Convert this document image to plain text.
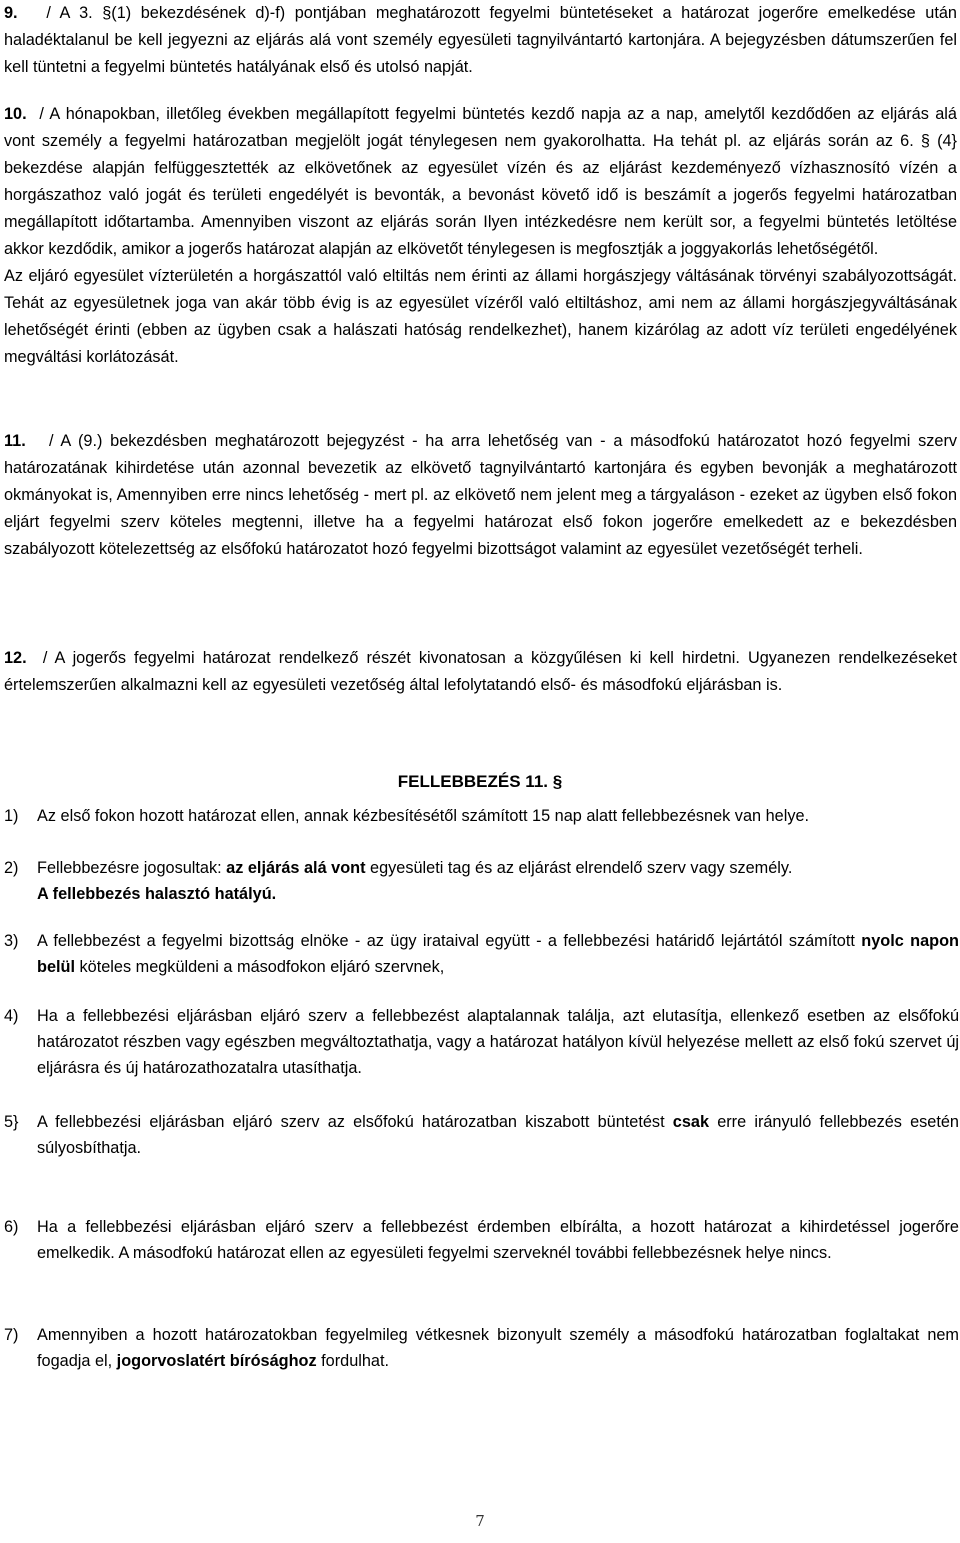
9. / A 3. §(1) bekezdésének d)-f) pontjában meghatározott fegyelmi büntetéseket a határozat jogerőre emelkedése után haladéktalanul be kell jegyezni az eljárás alá vont személy egyesületi tagnyilvántartó kartonjára. A bejegyzésben dátumszerűen fel kell tüntetni a fegyelmi büntetés hatályának első és utolsó napját.

10. / A hónapokban, illetőleg években megállapított fegyelmi büntetés kezdő napja az a nap, amelytől kezdődően az eljárás alá vont személy a fegyelmi határozatban megjelölt jogát ténylegesen nem gyakorolhatta. Ha tehát pl. az eljárás során az 6. § (4} bekezdése alapján felfüggesztették az elkövetőnek az egyesület vízén és az eljárást kezdeményező vízhasznosító vízén a horgászathoz való jogát és területi engedélyét is bevonták, a bevonást követő idő is beszámít a jogerős fegyelmi határozatban megállapított időtartamba. Amennyiben viszont az eljárás során Ilyen intézkedésre nem került sor, a fegyelmi büntetés letöltése akkor kezdődik, amikor a jogerős határozat alapján az elkövetőt ténylegesen is megfosztják a joggyakorlás lehetőségétől.

Az eljáró egyesület vízterületén a horgászattól való eltiltás nem érinti az állami horgászjegy váltásának törvényi szabályozottságát. Tehát az egyesületnek joga van akár több évig is az egyesület vízéről való eltiltáshoz, ami nem az állami horgászjegyváltásának lehetőségét érinti (ebben az ügyben csak a halászati hatóság rendelkezhet), hanem kizárólag az adott víz területi engedélyének megváltási korlátozását.

11. / A (9.) bekezdésben meghatározott bejegyzést - ha arra lehetőség van - a másodfokú határozatot hozó fegyelmi szerv határozatának kihirdetése után azonnal bevezetik az elkövető tagnyilvántartó kartonjára és egyben bevonják a meghatározott okmányokat is, Amennyiben erre nincs lehetőség - mert pl. az elkövető nem jelent meg a tárgyaláson - ezeket az ügyben első fokon eljárt fegyelmi szerv köteles megtenni, illetve ha a fegyelmi határozat első fokon jogerőre emelkedett az e bekezdésben szabályozott kötelezettség az elsőfokú határozatot hozó fegyelmi bizottságot valamint az egyesület vezetőségét terheli.

12. / A jogerős fegyelmi határozat rendelkező részét kivonatosan a közgyűlésen ki kell hirdetni. Ugyanezen rendelkezéseket értelemszerűen alkalmazni kell az egyesületi vezetőség által lefolytatandó első- és másodfokú eljárásban is.

FELLEBBEZÉS 11. §
1) Az első fokon hozott határozat ellen, annak kézbesítésétől számított 15 nap alatt fellebbezésnek van helye.
2) Fellebbezésre jogosultak: az eljárás alá vont egyesületi tag és az eljárást elrendelő szerv vagy személy.
A fellebbezés halasztó hatályú.
3) A fellebbezést a fegyelmi bizottság elnöke - az ügy irataival együtt - a fellebbezési határidő lejártától számított nyolc napon belül köteles megküldeni a másodfokon eljáró szervnek,
4) Ha a fellebbezési eljárásban eljáró szerv a fellebbezést alaptalannak találja, azt elutasítja, ellenkező esetben az elsőfokú határozatot részben vagy egészben megváltoztathatja, vagy a határozat hatályon kívül helyezése mellett az első fokú szervet új eljárásra és új határozathozatalra utasíthatja.
5} A fellebbezési eljárásban eljáró szerv az elsőfokú határozatban kiszabott büntetést csak erre irányuló fellebbezés esetén súlyosbíthatja.
6) Ha a fellebbezési eljárásban eljáró szerv a fellebbezést érdemben elbírálta, a hozott határozat a kihirdetéssel jogerőre emelkedik. A másodfokú határozat ellen az egyesületi fegyelmi szerveknél további fellebbezésnek helye nincs.
7) Amennyiben a hozott határozatokban fegyelmileg vétkesnek bizonyult személy a másodfokú határozatban foglaltakat nem fogadja el, jogorvoslatért bírósághoz fordulhat.
7
